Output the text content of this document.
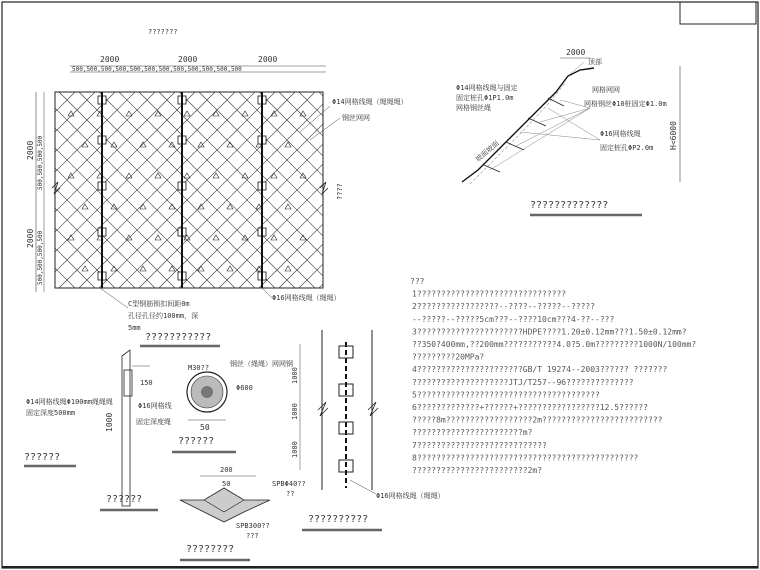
???????
2000	2000	2000
500,500,500,500,500,500,500,500,500,500,500,500
2000 500,500,500,500
2000 500,500,500,500
Φ14网格线绳（绳绳绳）
钢丝网网
????
C型钢筋锁扣间距0m
孔径孔径约100mm，深
5mm
Φ16网格线绳（绳绳）
???????????
2000
顶部
Φ14网格线绳与固定
固定桩孔Φ1P1.0m
网格钢丝绳
网格网网
网格钢丝Φ10桩固定Φ1.0m
Φ16网格线绳
固定桩孔ΦP2.0m
坡面坡面
H<6000
?????????????
150
1000
Φ14网格线绳Φ100mm绳绳绳
固定深度500mm
Φ16网格线
固定深度绳
??????
??????
M30??	钢丝（绳绳）网网钢
Φ600
50
??????
200
50	SPBΦ40??
??
SPB300??
???
????????
1000
1000
1000
Φ16网格线绳（绳绳）
??????????
???
1???????????????????????????????
2?????????????????--????--?????--?????
--?????--?????5cm???--????10cm???4-??--???
3??????????????????????HDPE????1.20±0.12mm???1.50±0.12mm?
??350?400mm,??200mm???????????4.0?5.0m?????????1000N/100mm?
?????????20MPa?
4??????????????????????GB/T 19274--2003?????? ???????
????????????????????JTJ/T257--96??????????????
5??????????????????????????????????????
6?????????????+??????+?????????????????12.5??????
?????8m??????????????????2m?????????????????????????
???????????????????????m?
7???????????????????????????
8??????????????????????????????????????????????
????????????????????????2m?
